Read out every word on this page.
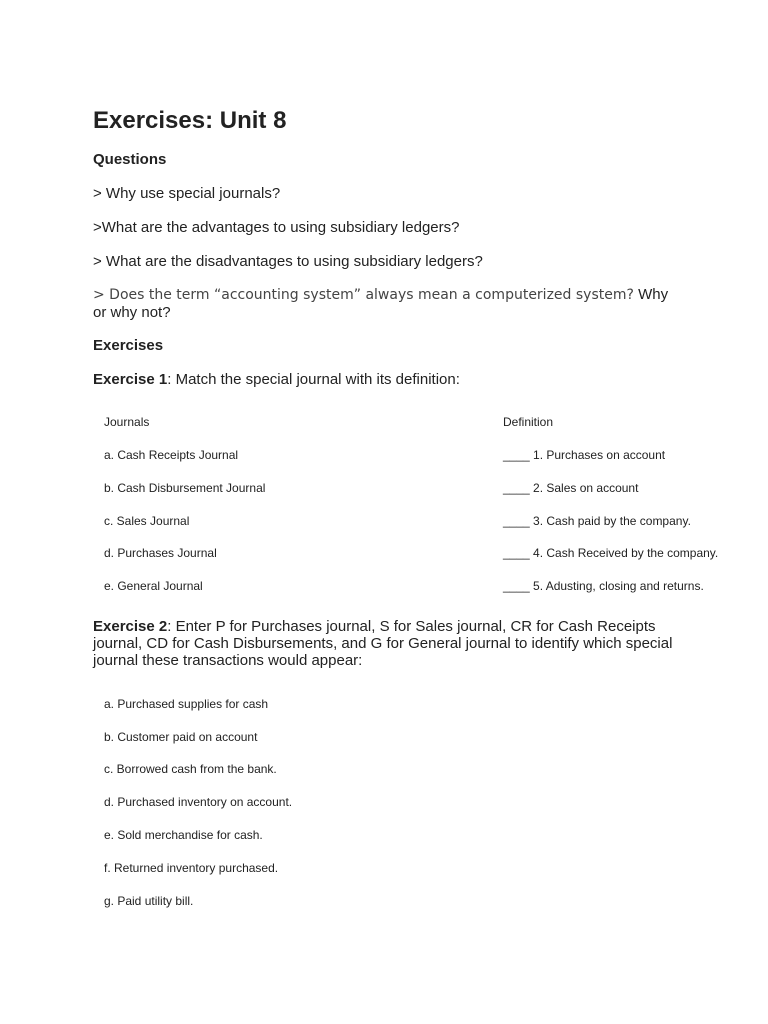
Exercises: Unit 8
Questions

> Why use special journals?

>What are the advantages to using subsidiary ledgers?

> What are the disadvantages to using subsidiary ledgers?

> Does the term “accounting system” always mean a computerized system? Why or why not?

Exercises

Exercise 1: Match the special journal with its definition:

Journals	Definition
a. Cash Receipts Journal	____ 1. Purchases on account
b. Cash Disbursement Journal	____ 2. Sales on account
c. Sales Journal	____ 3. Cash paid by the company.
d. Purchases Journal	____ 4. Cash Received by the company.
e. General Journal	____ 5. Adusting, closing and returns.

Exercise 2: Enter P for Purchases journal, S for Sales journal, CR for Cash Receipts journal, CD for Cash Disbursements, and G for General journal to identify which special journal these transactions would appear:

a. Purchased supplies for cash
b. Customer paid on account
c. Borrowed cash from the bank.
d. Purchased inventory on account.
e. Sold merchandise for cash.
f. Returned inventory purchased.
g. Paid utility bill.
